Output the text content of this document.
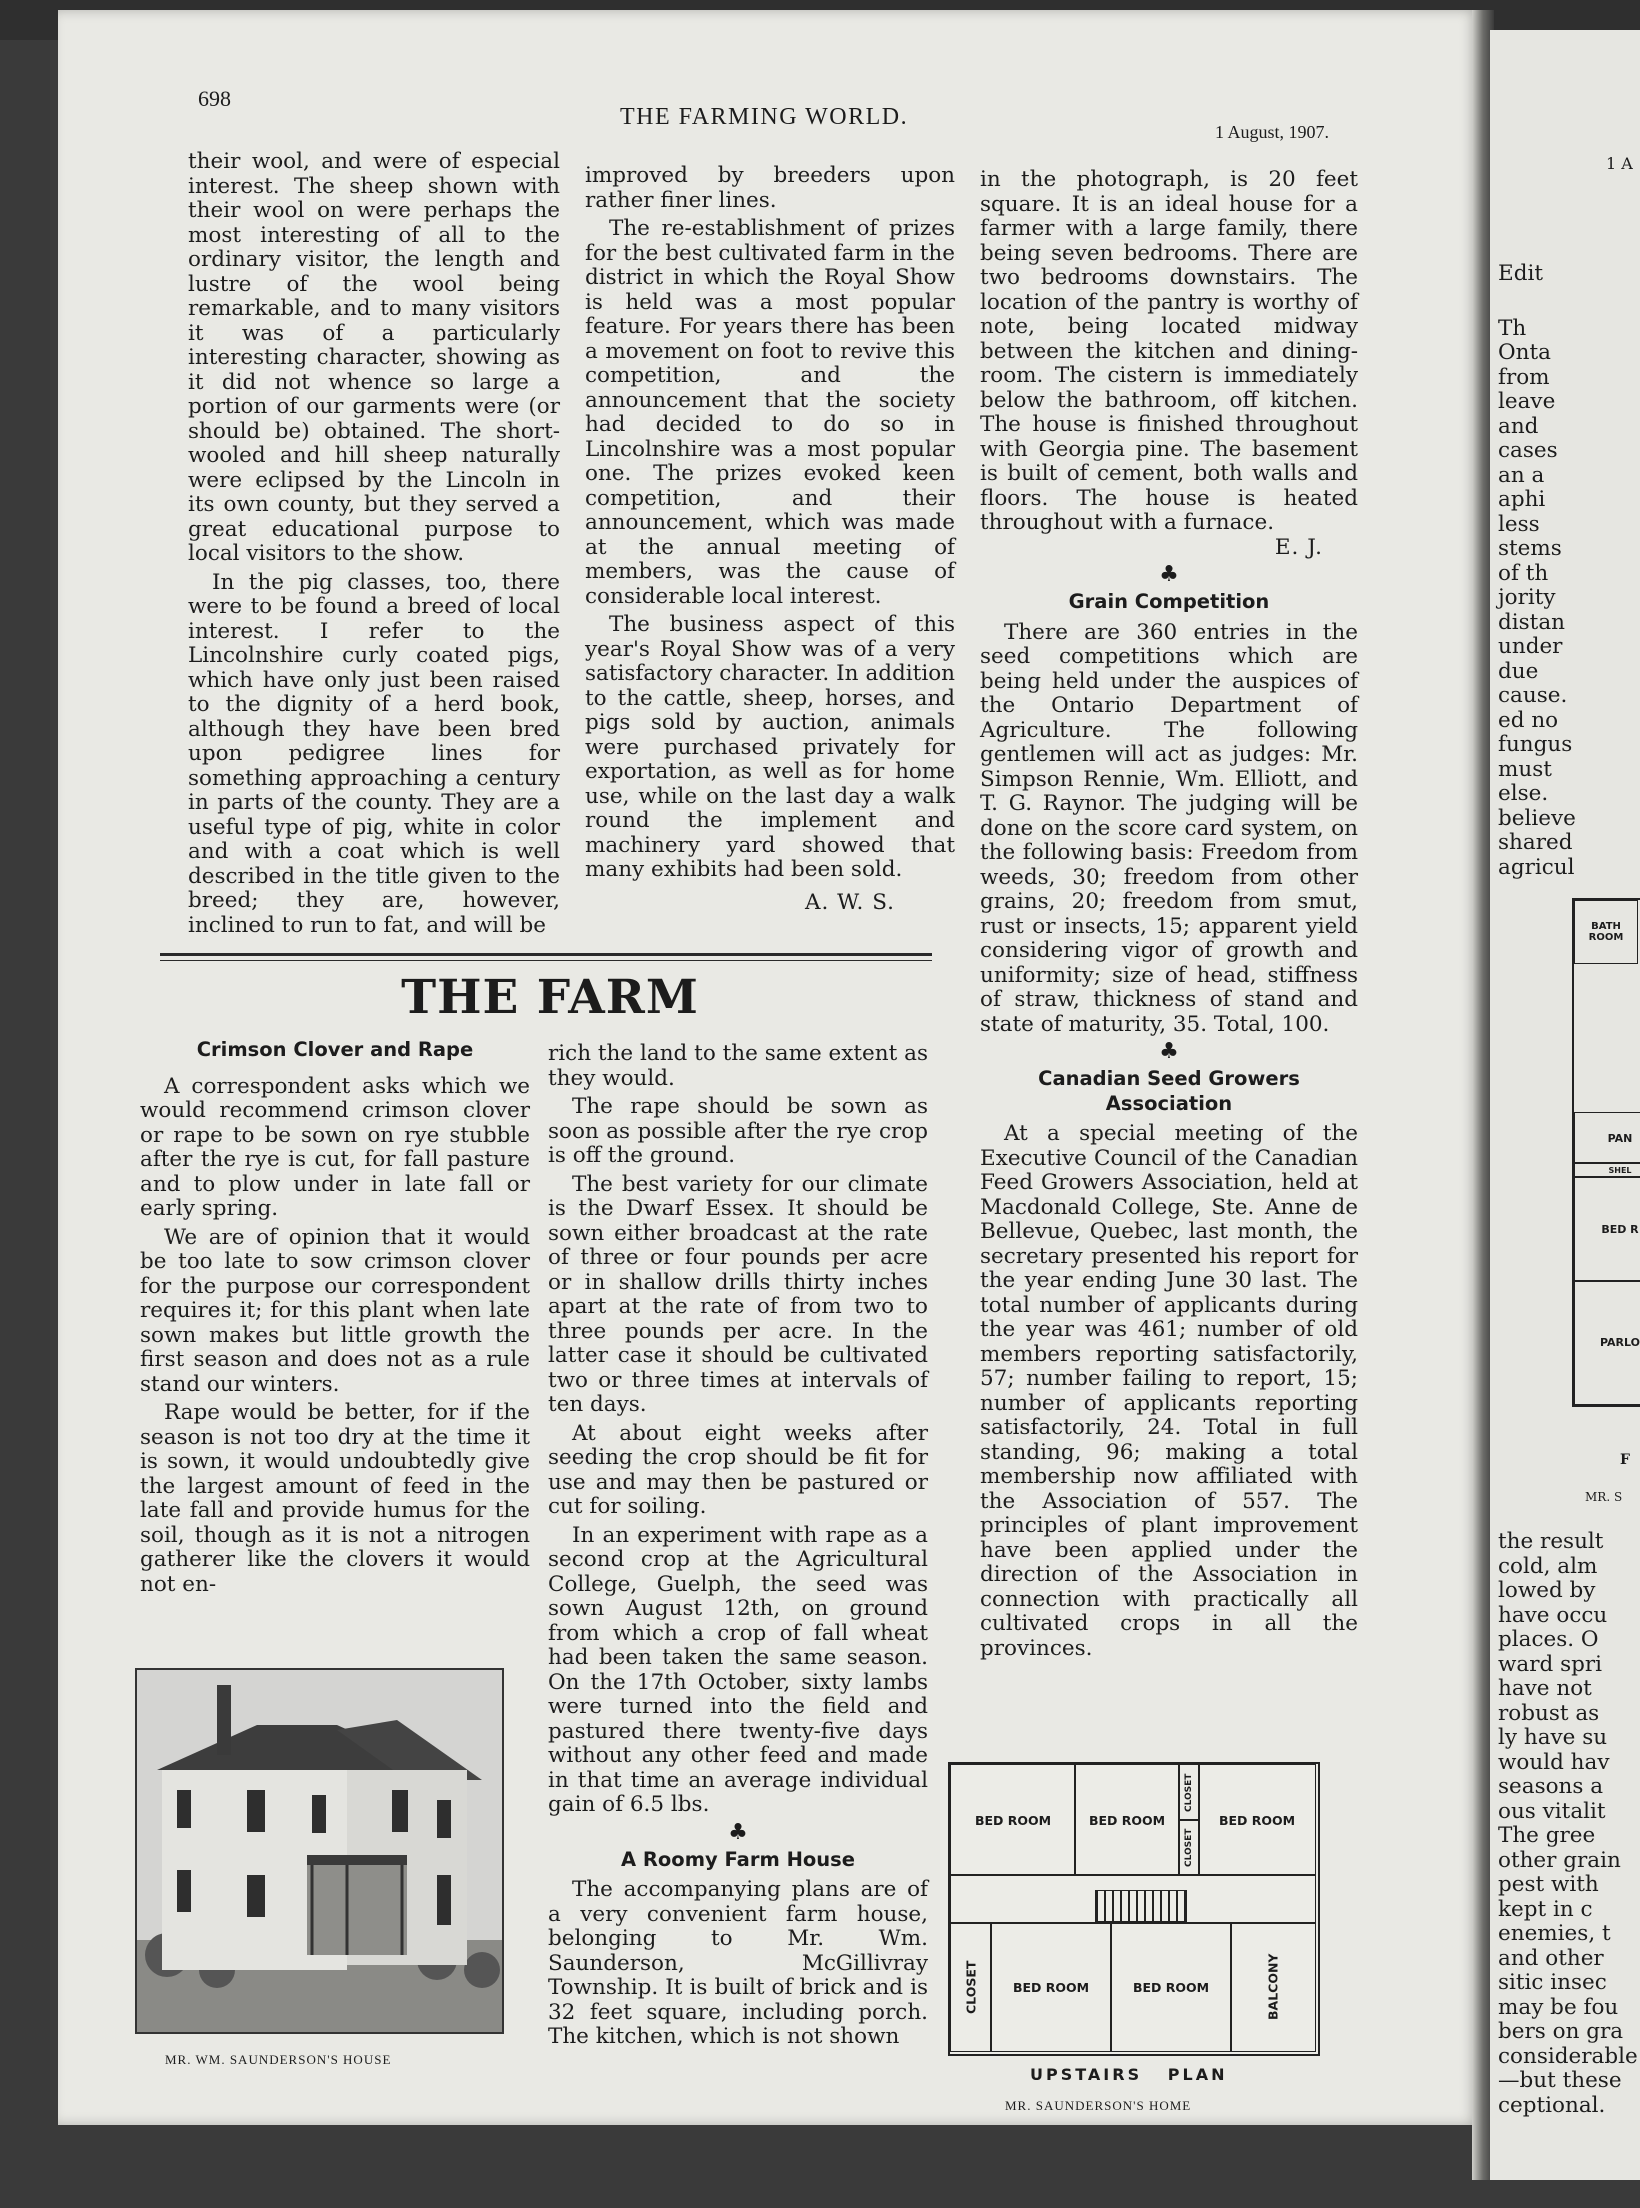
698
THE FARMING WORLD.
1 August, 1907.

their wool, and were of especial interest. The sheep shown with their wool on were perhaps the most interesting of all to the ordinary visitor, the length and lustre of the wool being remarkable, and to many visitors it was of a particularly interesting character, showing as it did not whence so large a portion of our garments were (or should be) obtained. The short-wooled and hill sheep naturally were eclipsed by the Lincoln in its own county, but they served a great educational purpose to local visitors to the show.

In the pig classes, too, there were to be found a breed of local interest. I refer to the Lincolnshire curly coated pigs, which have only just been raised to the dignity of a herd book, although they have been bred upon pedigree lines for something approaching a century in parts of the county. They are a useful type of pig, white in color and with a coat which is well described in the title given to the breed; they are, however, inclined to run to fat, and will be

improved by breeders upon rather finer lines.

The re-establishment of prizes for the best cultivated farm in the district in which the Royal Show is held was a most popular feature. For years there has been a movement on foot to revive this competition, and the announcement that the society had decided to do so in Lincolnshire was a most popular one. The prizes evoked keen competition, and their announcement, which was made at the annual meeting of members, was the cause of considerable local interest.

The business aspect of this year's Royal Show was of a very satisfactory character. In addition to the cattle, sheep, horses, and pigs sold by auction, animals were purchased privately for exportation, as well as for home use, while on the last day a walk round the implement and machinery yard showed that many exhibits had been sold.

A. W. S.
THE FARM

in the photograph, is 20 feet square. It is an ideal house for a farmer with a large family, there being seven bedrooms. There are two bedrooms downstairs. The location of the pantry is worthy of note, being located midway between the kitchen and dining-room. The cistern is immediately below the bathroom, off kitchen. The house is finished throughout with Georgia pine. The basement is built of cement, both walls and floors. The house is heated throughout with a furnace.

E. J.
♣
Grain Competition

There are 360 entries in the seed competitions which are being held under the auspices of the Ontario Department of Agriculture. The following gentlemen will act as judges: Mr. Simpson Rennie, Wm. Elliott, and T. G. Raynor. The judging will be done on the score card system, on the following basis: Freedom from weeds, 30; freedom from other grains, 20; freedom from smut, rust or insects, 15; apparent yield considering vigor of growth and uniformity; size of head, stiffness of straw, thickness of stand and state of maturity, 35. Total, 100.

♣
Canadian Seed Growers Association

At a special meeting of the Executive Council of the Canadian Feed Growers Association, held at Macdonald College, Ste. Anne de Bellevue, Quebec, last month, the secretary presented his report for the year ending June 30 last. The total number of applicants during the year was 461; number of old members reporting satisfactorily, 57; number failing to report, 15; number of applicants reporting satisfactorily, 24. Total in full standing, 96; making a total membership now affiliated with the Association of 557. The principles of plant improvement have been applied under the direction of the Association in connection with practically all cultivated crops in all the provinces.

Crimson Clover and Rape

A correspondent asks which we would recommend crimson clover or rape to be sown on rye stubble after the rye is cut, for fall pasture and to plow under in late fall or early spring.

We are of opinion that it would be too late to sow crimson clover for the purpose our correspondent requires it; for this plant when late sown makes but little growth the first season and does not as a rule stand our winters.

Rape would be better, for if the season is not too dry at the time it is sown, it would undoubtedly give the largest amount of feed in the late fall and provide humus for the soil, though as it is not a nitrogen gatherer like the clovers it would not en-

rich the land to the same extent as they would.

The rape should be sown as soon as possible after the rye crop is off the ground.

The best variety for our climate is the Dwarf Essex. It should be sown either broadcast at the rate of three or four pounds per acre or in shallow drills thirty inches apart at the rate of from two to three pounds per acre. In the latter case it should be cultivated two or three times at intervals of ten days.

At about eight weeks after seeding the crop should be fit for use and may then be pastured or cut for soiling.

In an experiment with rape as a second crop at the Agricultural College, Guelph, the seed was sown August 12th, on ground from which a crop of fall wheat had been taken the same season. On the 17th October, sixty lambs were turned into the field and pastured there twenty-five days without any other feed and made in that time an average individual gain of 6.5 lbs.

♣
A Roomy Farm House

The accompanying plans are of a very convenient farm house, belonging to Mr. Wm. Saunderson, McGillivray Township. It is built of brick and is 32 feet square, including porch. The kitchen, which is not shown

MR. WM. SAUNDERSON'S HOUSE
BED ROOM	BED ROOM
CLOSET
CLOSET
BED ROOM
CLOSET	BED ROOM	BED ROOM	BALCONY
UPSTAIRS   PLAN
MR. SAUNDERSON'S HOME
1 A
Edit
Th
Onta
from
leave
and
cases
an a
aphi
less
stems
of th
jority
distan
under
due
cause.
ed no
fungus
must
else.
believe
shared
agricul
BATH ROOM
PAN
SHEL
BED R
PARLO
F
MR. S
the result
cold, alm
lowed by
have occu
places. O
ward spri
have not
robust as
ly have su
would hav
seasons a
ous vitalit
The gree
other grain
pest with
kept in c
enemies, t
and other
sitic insec
may be fou
bers on gra
considerable
—but these
ceptional.
